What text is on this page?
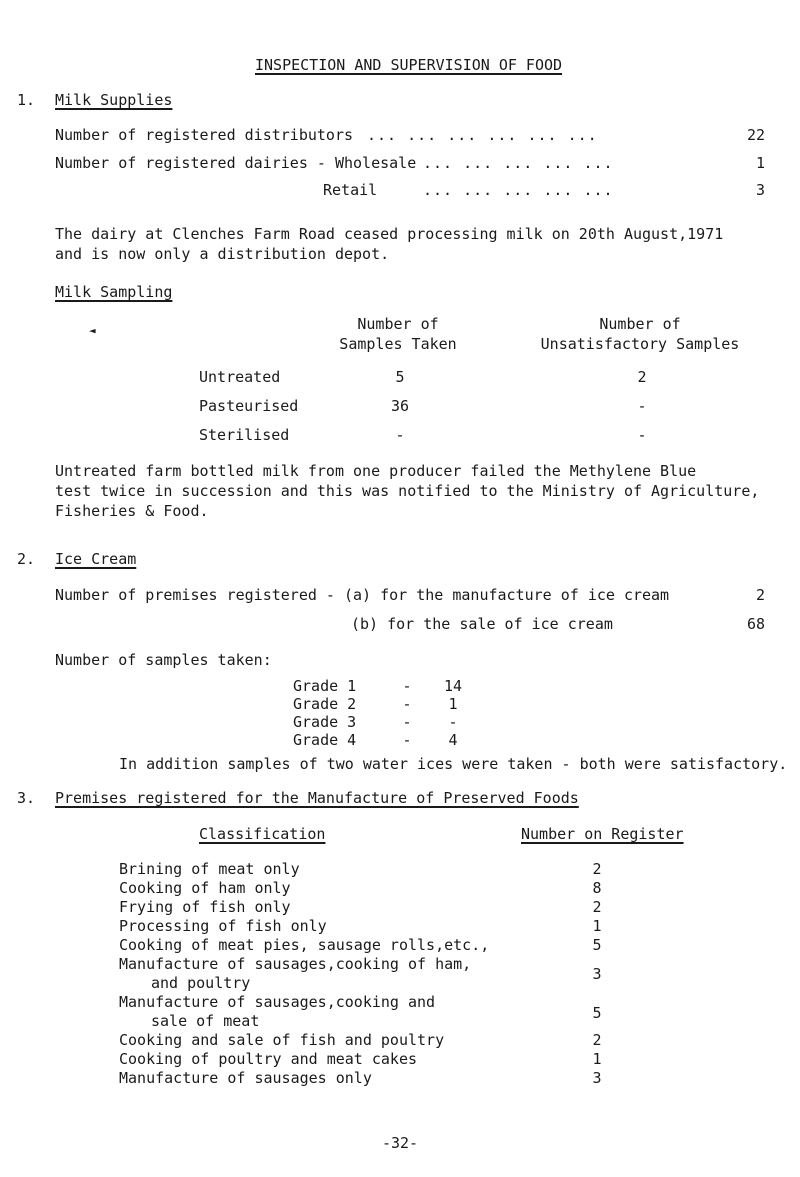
INSPECTION AND SUPERVISION OF FOOD
1. Milk Supplies
Number of registered distributors ... ... ... ... ... ...	22
Number of registered dairies - Wholesale ... ... ... ... ...	1
Retail	... ... ... ... ...	3
The dairy at Clenches Farm Road ceased processing milk on 20th August,1971
and is now only a distribution depot.
Milk Sampling
◄	Number of
Samples Taken
Number of
Unsatisfactory Samples
Untreated	5	2
Pasteurised	36	-
Sterilised	-	-
Untreated farm bottled milk from one producer failed the Methylene Blue
test twice in succession and this was notified to the Ministry of Agriculture,
Fisheries & Food.
2. Ice Cream
Number of premises registered - (a) for the manufacture of ice cream	2
(b) for the sale of ice cream	68
Number of samples taken:
Grade 1	-	14
Grade 2	-	1
Grade 3	-	-
Grade 4	-	4
In addition samples of two water ices were taken - both were satisfactory.
3. Premises registered for the Manufacture of Preserved Foods
Classification	Number on Register
Brining of meat only	2
Cooking of ham only	8
Frying of fish only	2
Processing of fish only	1
Cooking of meat pies, sausage rolls,etc.,	5
Manufacture of sausages,cooking of ham,
and poultry	3
Manufacture of sausages,cooking and
sale of meat	5
Cooking and sale of fish and poultry	2
Cooking of poultry and meat cakes	1
Manufacture of sausages only	3
-32-
